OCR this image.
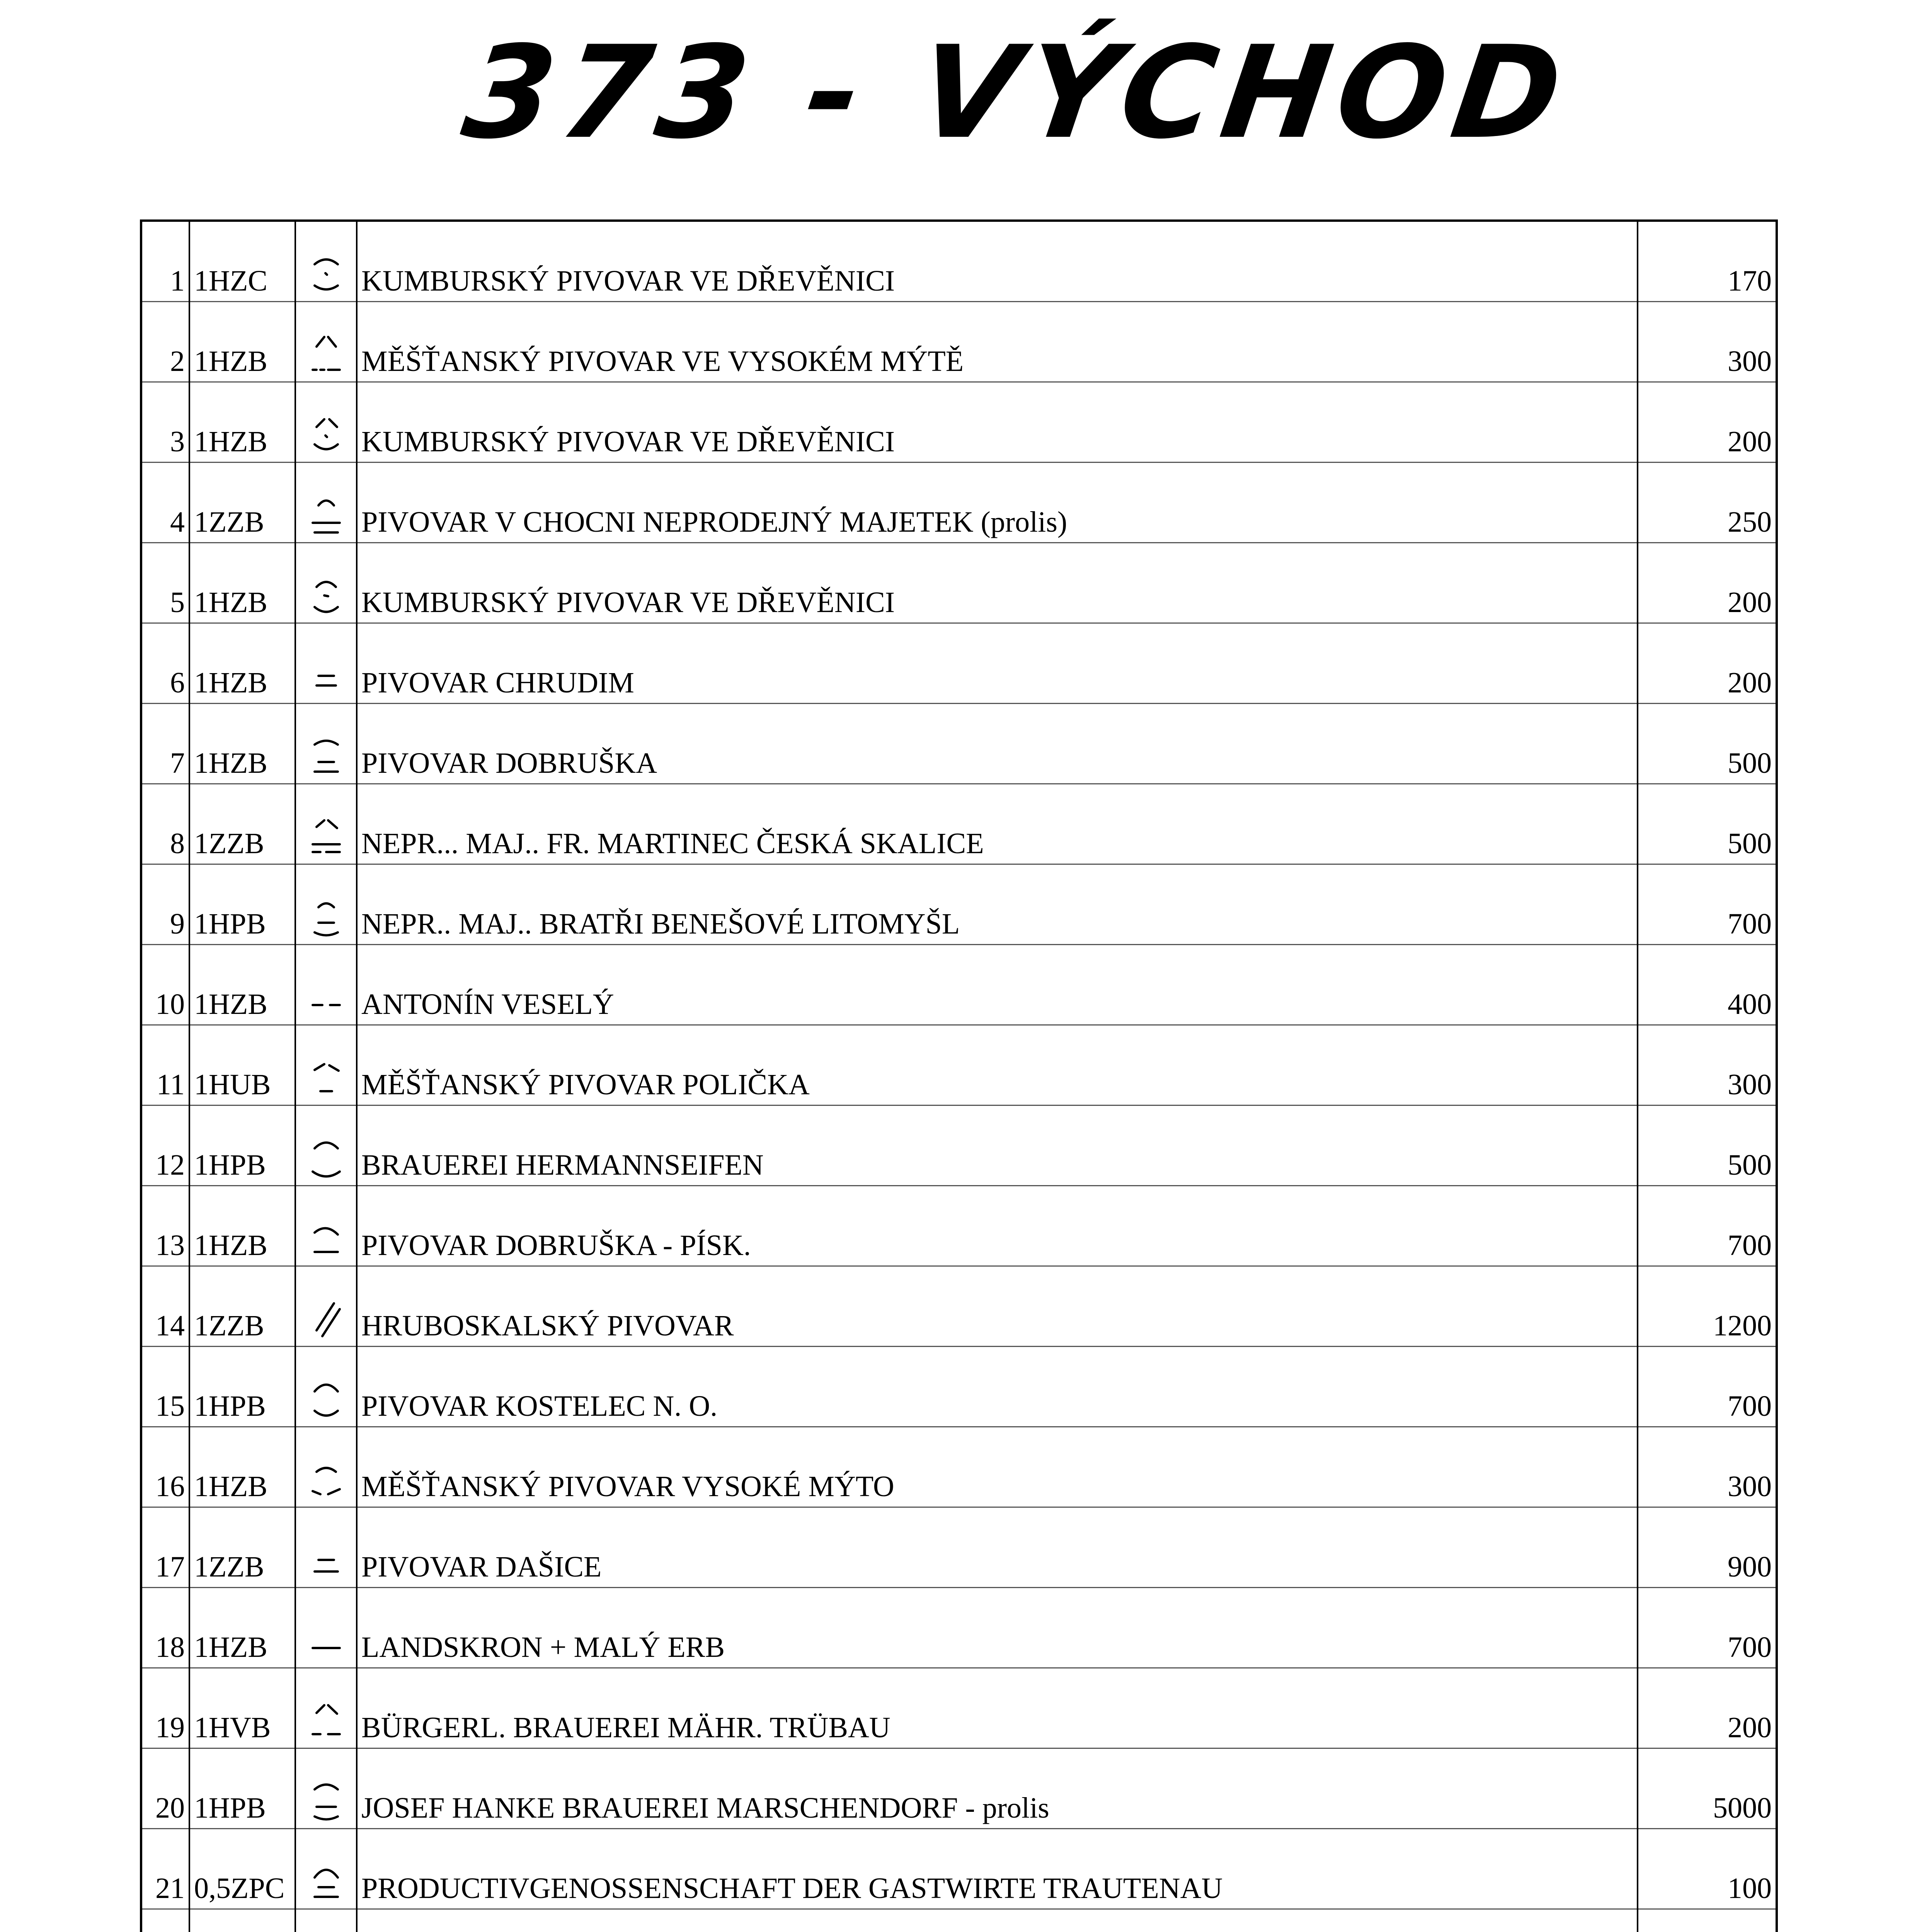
373 - VÝCHOD
1	1HZC		KUMBURSKÝ PIVOVAR VE DŘEVĚNICI	170
2	1HZB		MĚŠŤANSKÝ PIVOVAR VE VYSOKÉM MÝTĚ	300
3	1HZB		KUMBURSKÝ PIVOVAR VE DŘEVĚNICI	200
4	1ZZB		PIVOVAR V CHOCNI NEPRODEJNÝ MAJETEK (prolis)	250
5	1HZB		KUMBURSKÝ PIVOVAR VE DŘEVĚNICI	200
6	1HZB		PIVOVAR CHRUDIM	200
7	1HZB		PIVOVAR DOBRUŠKA	500
8	1ZZB		NEPR... MAJ.. FR. MARTINEC ČESKÁ SKALICE	500
9	1HPB		NEPR.. MAJ.. BRATŘI BENEŠOVÉ LITOMYŠL	700
10	1HZB		ANTONÍN VESELÝ	400
11	1HUB		MĚŠŤANSKÝ PIVOVAR POLIČKA	300
12	1HPB		BRAUEREI HERMANNSEIFEN	500
13	1HZB		PIVOVAR DOBRUŠKA - PÍSK.	700
14	1ZZB		HRUBOSKALSKÝ PIVOVAR	1200
15	1HPB		PIVOVAR KOSTELEC N. O.	700
16	1HZB		MĚŠŤANSKÝ PIVOVAR VYSOKÉ MÝTO	300
17	1ZZB		PIVOVAR DAŠICE	900
18	1HZB		LANDSKRON + MALÝ ERB	700
19	1HVB		BÜRGERL. BRAUEREI MÄHR. TRÜBAU	200
20	1HPB		JOSEF HANKE BRAUEREI MARSCHENDORF - prolis	5000
21	0,5ZPC		PRODUCTIVGENOSSENSCHAFT DER GASTWIRTE TRAUTENAU	100
